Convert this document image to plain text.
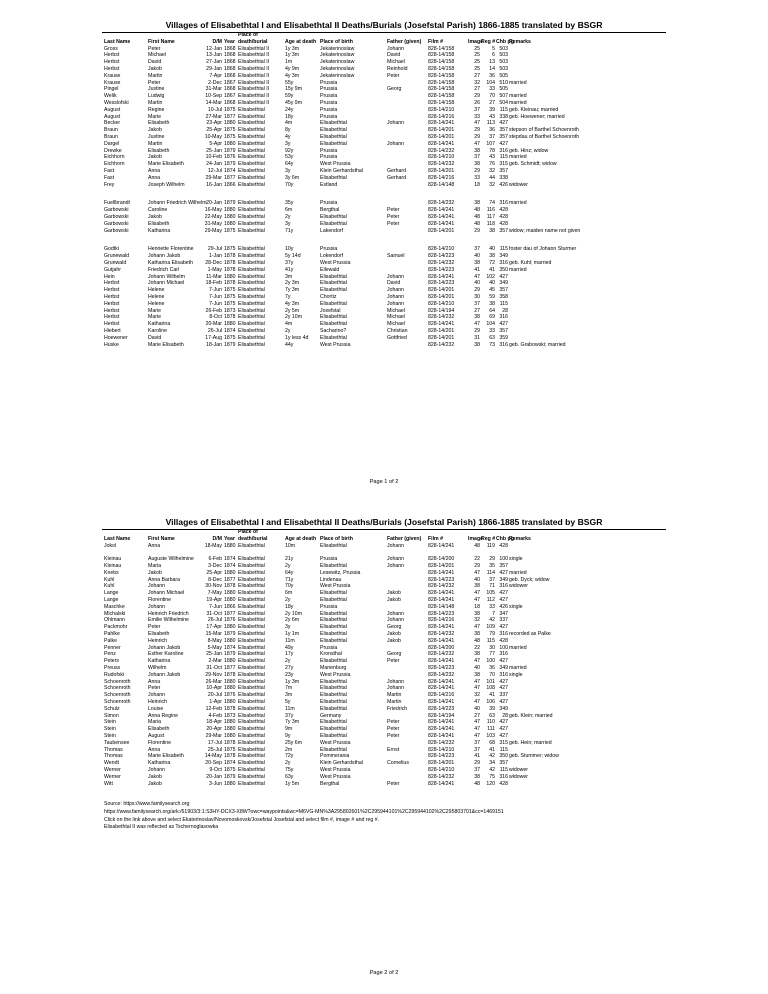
Villages of Elisabethtal I and Elisabethtal II Deaths/Burials (Josefstal Parish) 1866-1885 translated by BSGR
Place of
Last Name	First Name	D/M Year death/burial	Age at death Place of birth	Father (given)	Film #	Image
Reg # Chb pg
Remarks
Gross	Peter	12-Jan 1868 Elisabethtal II	1y 3m	Jekaterinoslaw	Johann	828-14/158	25	5 503
Herbst	Michael	13-Jan 1868 Elisabethtal II	1y 3m	Jekaterinoslaw	David	828-14/158	25	6 503
Herbst	David	27-Jan 1868 Elisabethtal II	1m	Jekaterinoslaw	Michael	828-14/158	25	13 503
Herbst	Jakob	29-Jan 1868 Elisabethtal II	4y 9m	Jekaterinoslaw	Reinhold	828-14/158	25	14 503
Krause	Martin	7-Apr 1868 Elisabethtal II	4y 3m	Jekaterinoslaw	Peter	828-14/158	27	36 505
Krause	Peter	2-Dec 1867 Elisabethtal II	55y	Prussia	828-14/158	32	104 510 married
Pingel	Justine	31-Mar 1868 Elisabethtal II	15y 9m	Prussia	Georg	828-14/158	27	33 505
Welik	Ludwig	10-Sep 1867 Elisabethtal II	59y	Prussia	828-14/158	29	70 507 married
Wesslofski	Martin	14-Mar 1868 Elisabethtal II	45y 9m	Prussia	828-14/158	26	27 504 married
August	Regine	10-Jul 1875 Elisabethtal	24y	Prussia	828-14/210	37	39 115 geb. Kleinau; married
August	Marie	27-Mar 1877 Elisabethtal	18y	Prussia	828-14/216	33	43 338 geb. Hoewener; married
Becker	Elisabeth	23-Apr 1880 Elisabethtal	4m	Elisabethtal	Johann	828-14/241	47	113 427
Braun	Jakob	25-Apr 1875 Elisabethtal	8y	Elisabethtal	828-14/201	29	36 357 stepson of Barthel Schoenroth
Braun	Justine	10-May 1875 Elisabethtal	4y	Elisabethtal	828-14/201	29	37 357 stepdau of Barthel Schoenroth
Dargel	Martin	5-Apr 1880 Elisabethtal	3y	Elisabethtal	Johann	828-14/241	47	107 427
Drewke	Elisabeth	25-Jan 1879 Elisabethtal	92y	Prussia	828-14/232	38	78 316 geb. Hinz; widow
Eichhorn	Jakob	10-Feb 1876 Elisabethtal	53y	Prussia	828-14/210	37	43 115 married
Eichhorn	Marie Elisabeth	24-Jan 1879 Elisabethtal	64y	West Prussia	828-14/232	38	76 315 geb. Schmidt; widow
Fast	Anna	12-Jul 1874 Elisabethtal	3y	Klein Gerhardsthal	Gerhard	828-14/201	29	32 357
Fast	Anna	29-Mar 1877 Elisabethtal	3y 6m	Elisabethtal	Gerhard	828-14/216	33	44 338
Frey	Joseph Wilhelm	16-Jan 1866 Elisabethtal	70y	Estland	828-14/148	18	32 426 widower
Fuellbrandt	Johann Friedrich Wilhelm 20-Jan 1879 Elisabethtal	35y	Prussia	828-14/232	38	74 316 married
Garbowski	Caroline	16-May 1880 Elisabethtal	6m	Bergthal	Peter	828-14/241	48	116 428
Garbowski	Jakob	22-May 1880 Elisabethtal	2y	Elisabethtal	Peter	828-14/241	48	117 428
Garbowski	Elisabeth	31-May 1880 Elisabethtal	3y	Elisabethtal	Peter	828-14/241	48	118 428
Garbowski	Katharina	29-May 1875 Elisabethtal	71y	Lakendorf	828-14/201	29	38 357 widow; maiden name not given
Godtki	Henriette Florentine	29-Jul 1875 Elisabethtal	10y	Prussia	828-14/210	37	40 115 foster dau of Johann Sturmer
Grunewald	Johann Jakob	1-Jan 1878 Elisabethtal	5y 14d	Lokendorf	Samuel	828-14/223	40	38 349
Grunwald	Katharina Elisabeth	28-Dec 1878 Elisabethtal	37y	West Prussia	828-14/232	38	72 316 geb. Kuhl; married
Gutjahr	Friedrich Carl	1-May 1878 Elisabethtal	41y	Ellewald	828-14/223	41	41 350 married
Hein	Johann Wilhelm	11-Mar 1880 Elisabethtal	3m	Elisabethtal	Johann	828-14/241	47	102 427
Herbst	Johann Michael	18-Feb 1878 Elisabethtal	2y 3m	Elisabethtal	David	828-14/223	40	40 349
Herbst	Helene	7-Jun 1875 Elisabethtal	7y 3m	Elisabethtal	Johann	828-14/201	29	45 357
Herbst	Helene	7-Jun 1875 Elisabethtal	7y	Chortiz	Johann	828-14/201	30	59 358
Herbst	Helene	7-Jun 1875 Elisabethtal	4y 3m	Elisabethtal	Johann	828-14/210	37	38 115
Herbst	Marie	26-Feb 1873 Elisabethtal	2y 5m	Josefstal	Michael	828-14/194	27	64	28
Herbst	Marie	8-Oct 1878 Elisabethtal	2y 10m	Elisabethtal	Michael	828-14/232	38	69 316
Herbst	Katharina	20-Mar 1880 Elisabethtal	4m	Elisabethtal	Michael	828-14/241	47	104 427
Hiebert	Karoline	26-Jul 1874 Elisabethtal	2y	Sacharino?	Christian	828-14/201	29	33 357
Hoewener	David	17-Aug 1875 Elisabethtal	1y less 4d	Elisabethtal	Gottfried	828-14/201	31	63 359
Huske	Marie Elisabeth	18-Jan 1879 Elisabethtal	44y	West Prussia	828-14/232	38	73 316 geb. Grabowski; married
Page 1 of 2
Villages of Elisabethtal I and Elisabethtal II Deaths/Burials (Josefstal Parish) 1866-1885 translated by BSGR
Place of
Last Name	First Name	D/M Year death/burial	Age at death Place of birth	Father (given)	Film #	Image
Reg # Chb pg
Remarks
Jokol	Anna	18-May 1880 Elisabethtal	10m	Elisabethtal	Johann	828-14/241	48	119 428
Kleinau	Auguste Wilhelmine	6-Feb 1874 Elisabethtal	21y	Prussia	Johann	828-14/200	22	29 100 single
Kleinau	Maria	3-Dec 1874 Elisabethtal	2y	Elisabethtal	Johann	828-14/201	29	35 357
Knebs	Jakob	25-Apr 1880 Elisabethtal	64y	Lesewitz, Prussia	828-14/241	47	114 427 married
Kuhl	Anna Barbara	8-Dec 1877 Elisabethtal	71y	Lindenau	828-14/223	40	37 349 geb. Dyck; widow
Kuhl	Johann	30-Nov 1878 Elisabethtal	70y	West Prussia	828-14/232	38	71 316 widower
Lange	Johann Michael	7-May 1880 Elisabethtal	6m	Elisabethtal	Jakob	828-14/241	47	105 427
Lange	Florentine	19-Apr 1880 Elisabethtal	2y	Elisabethtal	Jakob	828-14/241	47	112 427
Maschke	Johann	7-Jun 1866 Elisabethtal	18y	Prussia	828-14/148	18	33 426 single
Michalski	Heinrich Friedrich	31-Oct 1877 Elisabethtal	2y 10m	Elisabethtal	Johann	828-14/223	38	7 347
Ohlmann	Emilie Wilhelmine	26-Jul 1876 Elisabethtal	2y 6m	Elisabethtal	Johann	828-14/216	32	42 337
Packmohr	Peter	17-Apr 1880 Elisabethtal	3y	Elisabethtal	Georg	828-14/241	47	109 427
Pahlke	Elisabeth	15-Mar 1879 Elisabethtal	1y 1m	Elisabethtal	Jakob	828-14/232	38	79 316 recorded as Palke
Palke	Heinrich	8-May 1880 Elisabethtal	11m	Elisabethtal	Jakob	828-14/241	48	115 428
Penner	Johann Jakob	5-May 1874 Elisabethtal	49y	Prussia	828-14/200	22	30 100 married
Penz	Esther Karoline	25-Jan 1879 Elisabethtal	17y	Kronsthal	Georg	828-14/232	38	77 316
Peters	Katharina	2-Mar 1880 Elisabethtal	2y	Elisabethtal	Peter	828-14/241	47	100 427
Preuss	Wilhelm	31-Oct 1877 Elisabethtal	27y	Marienburg	828-14/223	40	36 349 married
Rudofski	Johann Jakob	29-Nov 1878 Elisabethtal	23y	West Prussia	828-14/232	38	70 316 single
Schoenroth	Anna	26-Mar 1880 Elisabethtal	1y 3m	Elisabethtal	Johann	828-14/241	47	101 427
Schoenroth	Peter	10-Apr 1880 Elisabethtal	7m	Elisabethtal	Johann	828-14/241	47	108 427
Schoenroth	Johann	20-Jul 1876 Elisabethtal	3m	Elisabethtal	Martin	828-14/216	32	41 337
Schoenroth	Heinrich	1-Apr 1880 Elisabethtal	5y	Elisabethtal	Martin	828-14/241	47	106 427
Schulz	Louise	12-Feb 1878 Elisabethtal	11m	Elisabethtal	Friedrich	828-14/223	40	39 349
Simon	Anna Regine	4-Feb 1873 Elisabethtal	37y	Germany	828-14/194	27	63	28 geb. Klein; married
Stein	Maria	18-Apr 1880 Elisabethtal	7y 3m	Elisabethtal	Peter	828-14/241	47	110 427
Stein	Elisabeth	20-Apr 1880 Elisabethtal	9m	Elisabethtal	Peter	828-14/241	47	111 427
Stein	August	29-Mar 1880 Elisabethtal	9y	Elisabethtal	Peter	828-14/241	47	103 427
Taubensee	Florentine	17-Jul 1878 Elisabethtal	25y 6m	West Prussia	828-14/232	37	68 315 geb. Hein; married
Thomas	Anna	25-Jul 1875 Elisabethtal	2m	Elisabethtal	Ernst	828-14/210	37	41 115
Thomas	Marie Elisabeth	14-May 1878 Elisabethtal	72y	Pommerania	828-14/223	41	42 350 geb. Stummer; widow
Wendt	Katharina	20-Sep 1874 Elisabethtal	2y	Klein Gerhardsthal	Cornelius	828-14/201	29	34 357
Werner	Johann	9-Oct 1875 Elisabethtal	75y	West Prussia	828-14/210	37	42 115 widower
Werner	Jakob	20-Jan 1879 Elisabethtal	63y	West Prussia	828-14/232	38	75 316 widower
Witt	Jakob	3-Jun 1880 Elisabethtal	1y 5m	Bergthal	Peter	828-14/241	48	120 428
Source: https://www.familysearch.org
https://www.familysearch.org/ark:/61903/3:1:S3HY-DCX3-X8W?owc=waypoints&wc=M6VG-MN%3A295802601%2C295944101%2C295944102%2C295803701&cc=1469151
Click on the link above and select Ekaterinoslav/Novomoskovsk/Josefstal Josefstal and select film #, image # and reg #.
Elisabethtal II was reflected as Tschernoglasowka
Page 2 of 2
